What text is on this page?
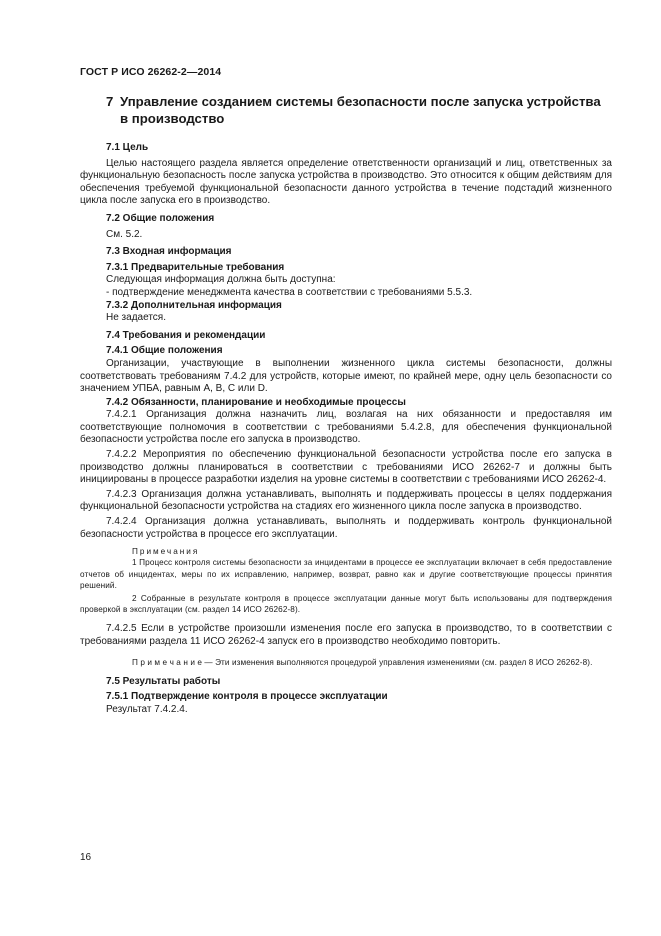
ГОСТ Р ИСО 26262-2—2014
7 Управление созданием системы безопасности после запуска устройства в производство
7.1 Цель
Целью настоящего раздела является определение ответственности организаций и лиц, ответственных за функциональную безопасность после запуска устройства в производство. Это относится к общим действиям для обеспечения требуемой функциональной безопасности данного устройства в течение подстадий жизненного цикла после запуска его в производство.
7.2 Общие положения
См. 5.2.
7.3 Входная информация
7.3.1 Предварительные требования
Следующая информация должна быть доступна:
- подтверждение менеджмента качества в соответствии с требованиями 5.5.3.
7.3.2 Дополнительная информация
Не задается.
7.4 Требования и рекомендации
7.4.1 Общие положения
Организации, участвующие в выполнении жизненного цикла системы безопасности, должны соответствовать требованиям 7.4.2 для устройств, которые имеют, по крайней мере, одну цель безопасности со значением УПБА, равным А, В, С или D.
7.4.2 Обязанности, планирование и необходимые процессы
7.4.2.1 Организация должна назначить лиц, возлагая на них обязанности и предоставляя им соответствующие полномочия в соответствии с требованиями 5.4.2.8, для обеспечения функциональной безопасности устройства после его запуска в производство.
7.4.2.2 Мероприятия по обеспечению функциональной безопасности устройства после его запуска в производство должны планироваться в соответствии с требованиями ИСО 26262-7 и должны быть инициированы в процессе разработки изделия на уровне системы в соответствии с требованиями ИСО 26262-4.
7.4.2.3 Организация должна устанавливать, выполнять и поддерживать процессы в целях поддержания функциональной безопасности устройства на стадиях его жизненного цикла после запуска в производство.
7.4.2.4 Организация должна устанавливать, выполнять и поддерживать контроль функциональной безопасности устройства в процессе его эксплуатации.
Примечания
1 Процесс контроля системы безопасности за инцидентами в процессе ее эксплуатации включает в себя предоставление отчетов об инцидентах, меры по их исправлению, например, возврат, равно как и другие соответствующие процессы принятия решений.
2 Собранные в результате контроля в процессе эксплуатации данные могут быть использованы для подтверждения проверкой в эксплуатации (см. раздел 14 ИСО 26262-8).
7.4.2.5 Если в устройстве произошли изменения после его запуска в производство, то в соответствии с требованиями раздела 11 ИСО 26262-4 запуск его в производство необходимо повторить.
П р и м е ч а н и е — Эти изменения выполняются процедурой управления изменениями (см. раздел 8 ИСО 26262-8).
7.5 Результаты работы
7.5.1 Подтверждение контроля в процессе эксплуатации
Результат 7.4.2.4.
16
